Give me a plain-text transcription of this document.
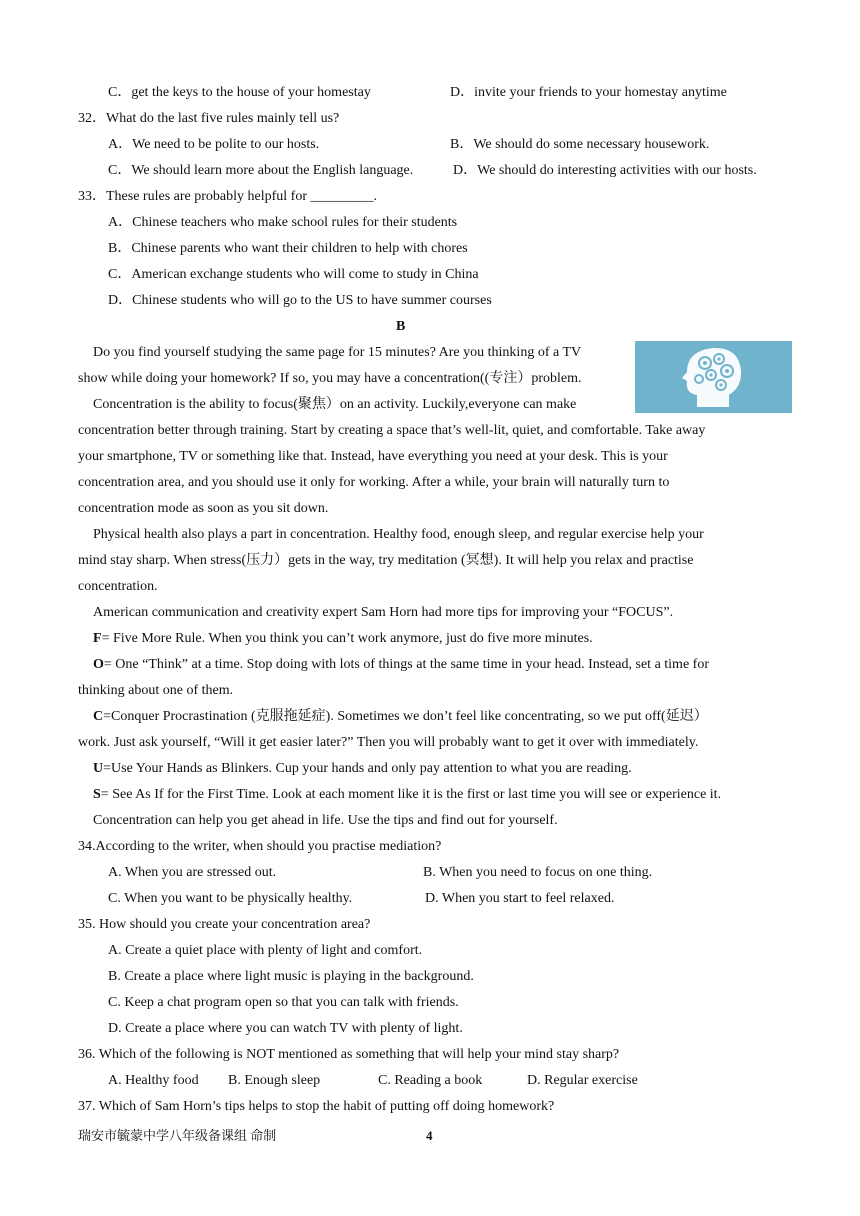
C．get the keys to the house of your homestay	D．invite your friends to your homestay anytime
32．What do the last five rules mainly tell us?
A．We need to be polite to our hosts.	B．We should do some necessary housework.
C．We should learn more about the English language.	D．We should do interesting activities with our hosts.
33．These rules are probably helpful for _________.
A．Chinese teachers who make school rules for their students
B．Chinese parents who want their children to help with chores
C．American exchange students who will come to study in China
D．Chinese students who will go to the US to have summer courses
B
Do you find yourself studying the same page for 15 minutes? Are you thinking of a TV
show while doing your homework? If so, you may have a concentration((专注）problem.
Concentration is the ability to focus(聚焦）on an activity. Luckily,everyone can make
concentration better through training. Start by creating a space that’s well-lit, quiet, and comfortable. Take away
your smartphone, TV or something like that. Instead, have everything you need at your desk. This is your
concentration area, and you should use it only for working. After a while, your brain will naturally turn to
concentration mode as soon as you sit down.
Physical health also plays a part in concentration. Healthy food, enough sleep, and regular exercise help your
mind stay sharp. When stress(压力）gets in the way, try meditation (冥想). It will help you relax and practise
concentration.
American communication and creativity expert Sam Horn had more tips for improving your “FOCUS”.
F= Five More Rule. When you think you can’t work anymore, just do five more minutes.
O= One “Think” at a time. Stop doing with lots of things at the same time in your head. Instead, set a time for
thinking about one of them.
C=Conquer Procrastination (克服拖延症). Sometimes we don’t feel like concentrating, so we put off(延迟）
work. Just ask yourself, “Will it get easier later?” Then you will probably want to get it over with immediately.
U=Use Your Hands as Blinkers. Cup your hands and only pay attention to what you are reading.
S= See As If for the First Time. Look at each moment like it is the first or last time you will see or experience it.
Concentration can help you get ahead in life. Use the tips and find out for yourself.
34.According to the writer, when should you practise mediation?
A. When you are stressed out.	B. When you need to focus on one thing.
C. When you want to be physically healthy.	D. When you start to feel relaxed.
35. How should you create your concentration area?
A. Create a quiet place with plenty of light and comfort.
B. Create a place where light music is playing in the background.
C. Keep a chat program open so that you can talk with friends.
D. Create a place where you can watch TV with plenty of light.
36. Which of the following is NOT mentioned as something that will help your mind stay sharp?
A. Healthy food B. Enough sleep	C. Reading a book	D. Regular exercise
37. Which of Sam Horn’s tips helps to stop the habit of putting off doing homework?
瑞安市毓蒙中学八年级备课组 命制	4
